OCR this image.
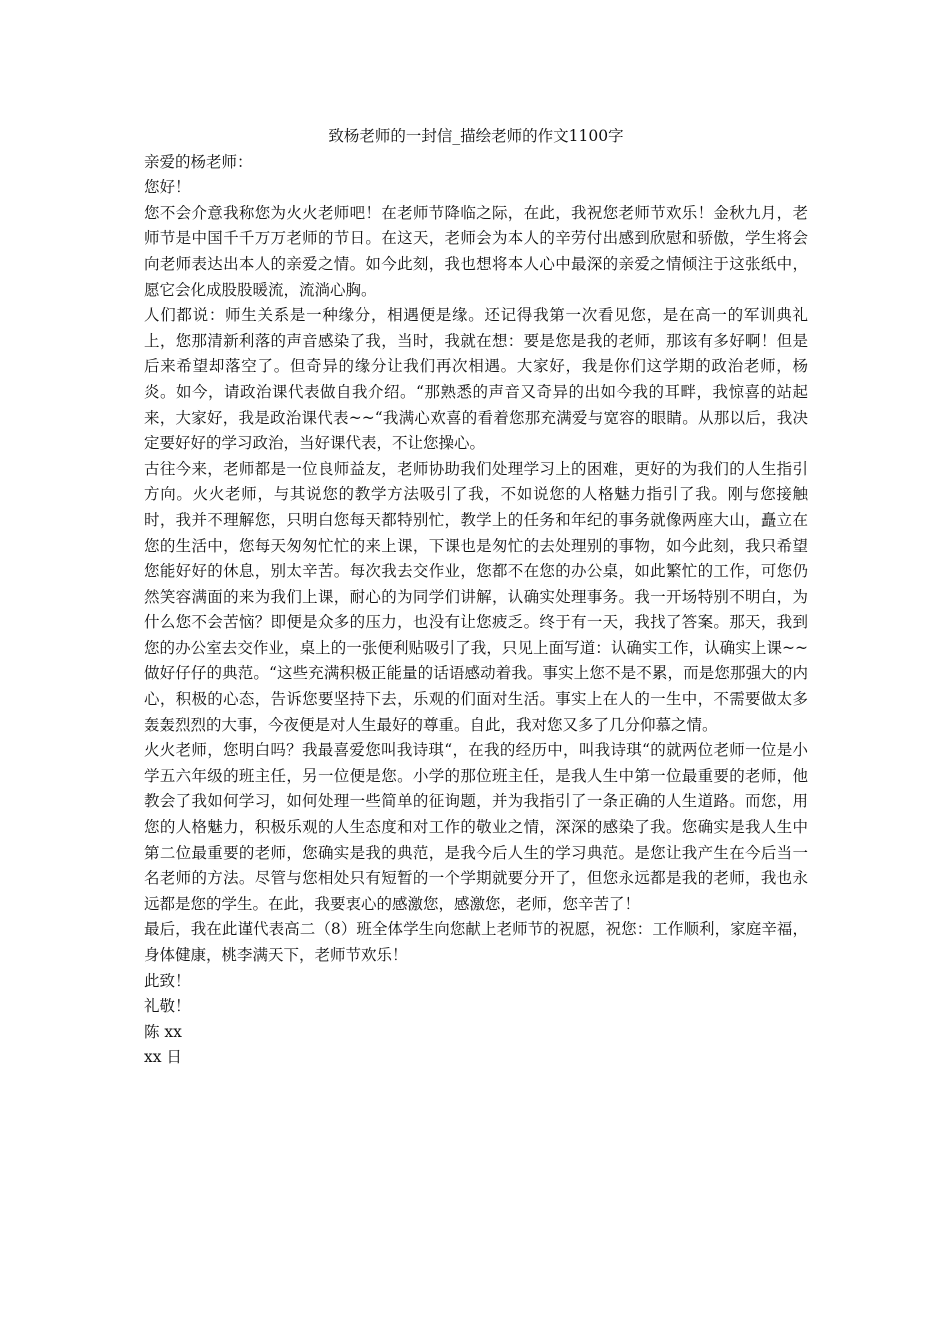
致杨老师的一封信_描绘老师的作文1100字

亲爱的杨老师：

您好！

您不会介意我称您为火火老师吧！在老师节降临之际，在此，我祝您老师节欢乐！金秋九月，老师节是中国千千万万老师的节日。在这天，老师会为本人的辛劳付出感到欣慰和骄傲，学生将会向老师表达出本人的亲爱之情。如今此刻，我也想将本人心中最深的亲爱之情倾注于这张纸中，愿它会化成股股暖流，流淌心胸。

人们都说：师生关系是一种缘分，相遇便是缘。还记得我第一次看见您，是在高一的军训典礼上，您那清新利落的声音感染了我，当时，我就在想：要是您是我的老师，那该有多好啊！但是后来希望却落空了。但奇异的缘分让我们再次相遇。大家好，我是你们这学期的政治老师，杨炎。如今，请政治课代表做自我介绍。“那熟悉的声音又奇异的出如今我的耳畔，我惊喜的站起来，大家好，我是政治课代表~~“我满心欢喜的看着您那充满爱与宽容的眼睛。从那以后，我决定要好好的学习政治，当好课代表，不让您操心。

古往今来，老师都是一位良师益友，老师协助我们处理学习上的困难，更好的为我们的人生指引方向。火火老师，与其说您的教学方法吸引了我，不如说您的人格魅力指引了我。刚与您接触时，我并不理解您，只明白您每天都特别忙，教学上的任务和年纪的事务就像两座大山，矗立在您的生活中，您每天匆匆忙忙的来上课，下课也是匆忙的去处理别的事物，如今此刻，我只希望您能好好的休息，别太辛苦。每次我去交作业，您都不在您的办公桌，如此繁忙的工作，可您仍然笑容满面的来为我们上课，耐心的为同学们讲解，认确实处理事务。我一开场特别不明白，为什么您不会苦恼？即便是众多的压力，也没有让您疲乏。终于有一天，我找了答案。那天，我到您的办公室去交作业，桌上的一张便利贴吸引了我，只见上面写道：认确实工作，认确实上课~~做好仔仔的典范。“这些充满积极正能量的话语感动着我。事实上您不是不累，而是您那强大的内心，积极的心态，告诉您要坚持下去，乐观的们面对生活。事实上在人的一生中，不需要做太多轰轰烈烈的大事，今夜便是对人生最好的尊重。自此，我对您又多了几分仰慕之情。

火火老师，您明白吗？我最喜爱您叫我诗琪“，在我的经历中，叫我诗琪“的就两位老师一位是小学五六年级的班主任，另一位便是您。小学的那位班主任，是我人生中第一位最重要的老师，他教会了我如何学习，如何处理一些简单的征询题，并为我指引了一条正确的人生道路。而您，用您的人格魅力，积极乐观的人生态度和对工作的敬业之情，深深的感染了我。您确实是我人生中第二位最重要的老师，您确实是我的典范，是我今后人生的学习典范。是您让我产生在今后当一名老师的方法。尽管与您相处只有短暂的一个学期就要分开了，但您永远都是我的老师，我也永远都是您的学生。在此，我要衷心的感激您，感激您，老师，您辛苦了！

最后，我在此谨代表高二（8）班全体学生向您献上老师节的祝愿，祝您：工作顺利，家庭辛福，身体健康，桃李满天下，老师节欢乐！

此致！

礼敬！

陈 xx

xx 日
